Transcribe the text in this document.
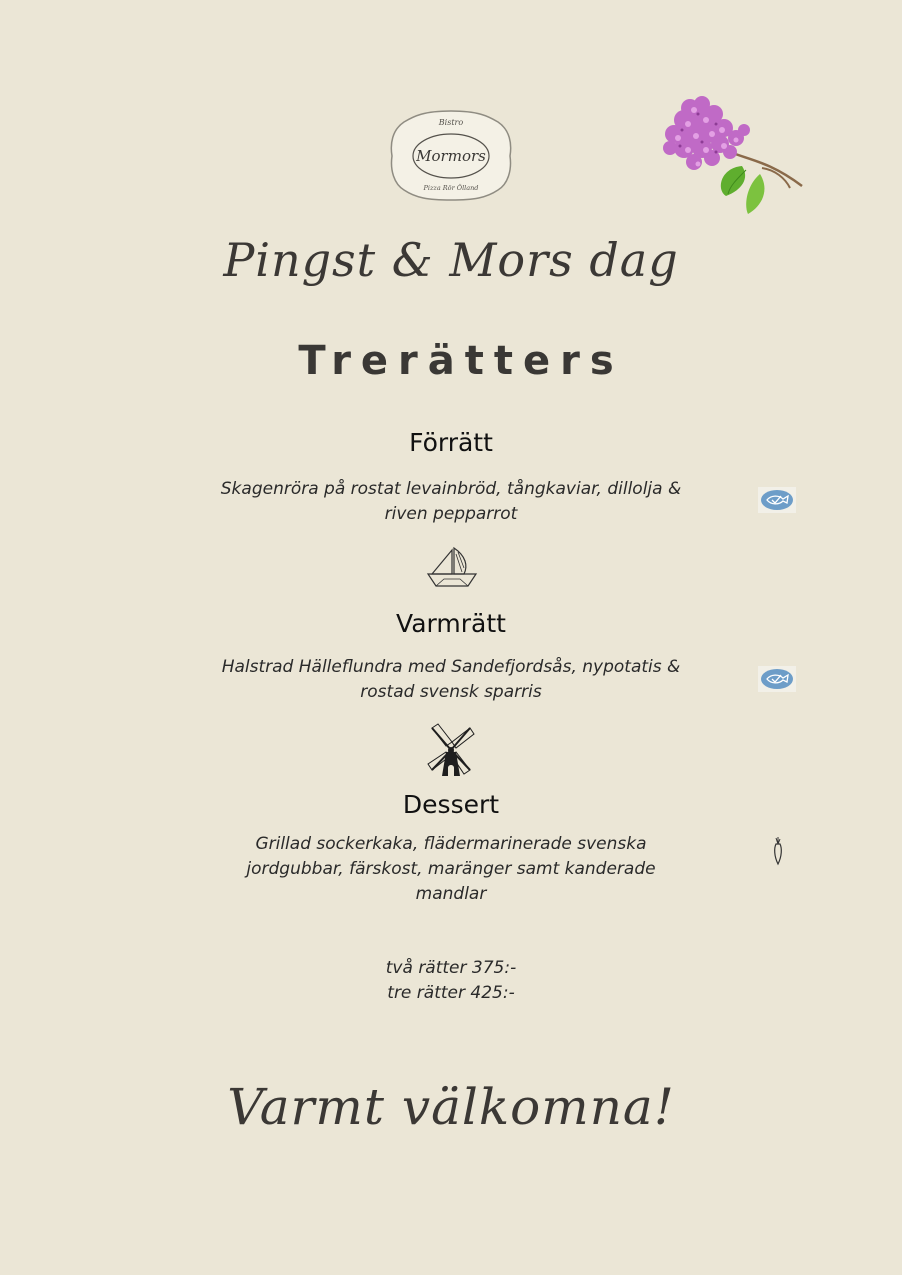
Bistro
Mormors
Pizza Rör Ölland
Pingst & Mors dag
Trerätters
Förrätt
Skagenröra på rostat levainbröd, tångkaviar, dillolja & riven pepparrot
Varmrätt
Halstrad Hälleflundra med Sandefjordsås, nypotatis & rostad svensk sparris
Dessert
Grillad sockerkaka, flädermarinerade svenska jordgubbar, färskost, maränger samt kanderade mandlar
två rätter 375:-
tre rätter 425:-
Varmt välkomna!
